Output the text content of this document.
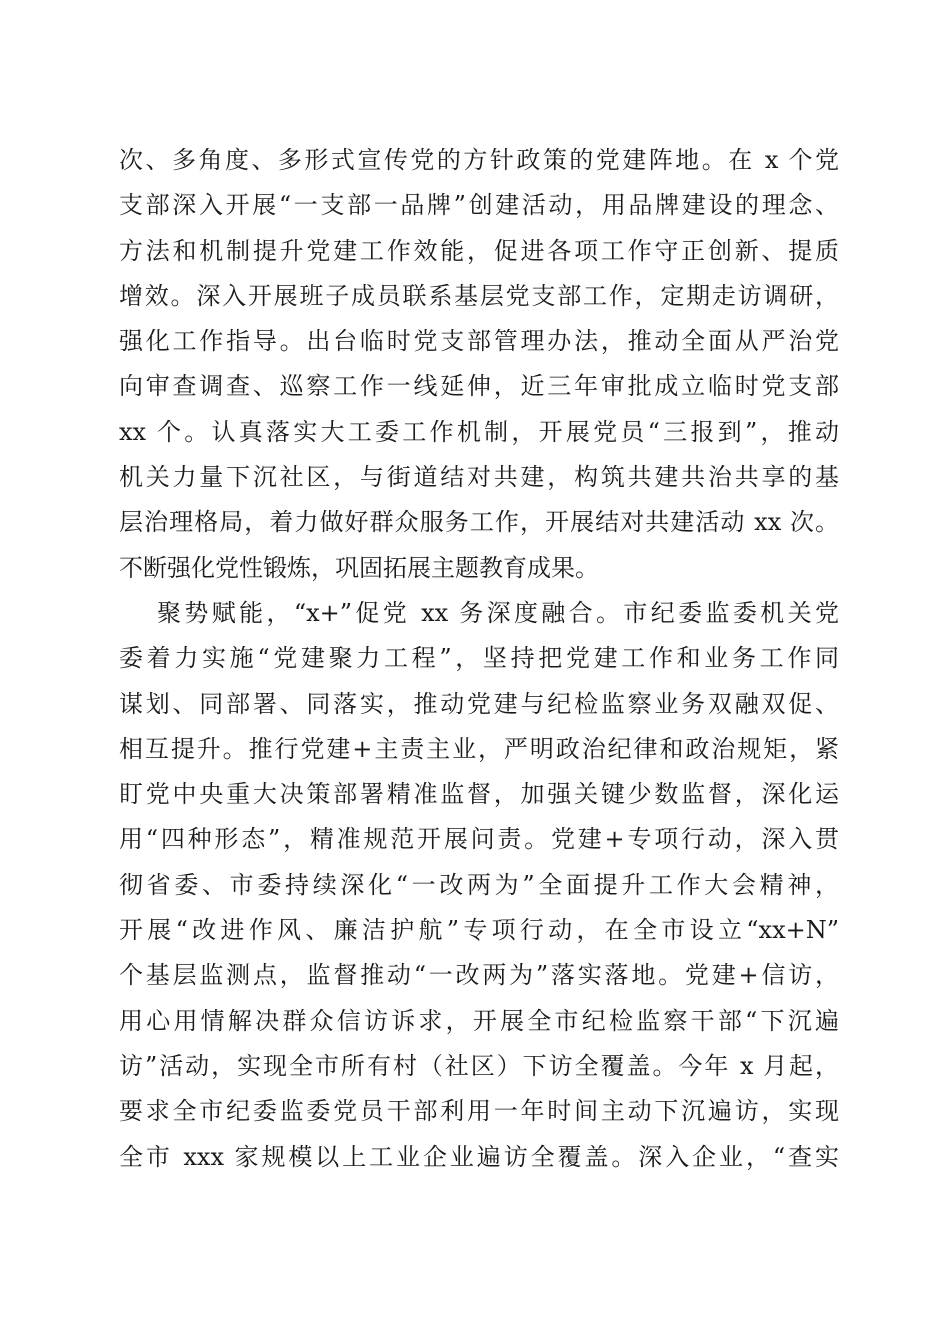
次、多角度、多形式宣传党的方针政策的党建阵地。在 x 个党
支部深入开展“一支部一品牌”创建活动，用品牌建设的理念、
方法和机制提升党建工作效能，促进各项工作守正创新、提质
增效。深入开展班子成员联系基层党支部工作，定期走访调研，
强化工作指导。出台临时党支部管理办法，推动全面从严治党
向审查调查、巡察工作一线延伸，近三年审批成立临时党支部
xx 个。认真落实大工委工作机制，开展党员“三报到”，推动
机关力量下沉社区，与街道结对共建，构筑共建共治共享的基
层治理格局，着力做好群众服务工作，开展结对共建活动 xx 次。
不断强化党性锻炼，巩固拓展主题教育成果。
聚势赋能，“x+”促党 xx 务深度融合。市纪委监委机关党
委着力实施“党建聚力工程”，坚持把党建工作和业务工作同
谋划、同部署、同落实，推动党建与纪检监察业务双融双促、
相互提升。推行党建+主责主业，严明政治纪律和政治规矩，紧
盯党中央重大决策部署精准监督，加强关键少数监督，深化运
用“四种形态”，精准规范开展问责。党建+专项行动，深入贯
彻省委、市委持续深化“一改两为”全面提升工作大会精神，
开展“改进作风、廉洁护航”专项行动，在全市设立“xx+N”
个基层监测点，监督推动“一改两为”落实落地。党建+信访，
用心用情解决群众信访诉求，开展全市纪检监察干部“下沉遍
访”活动，实现全市所有村（社区）下访全覆盖。今年 x 月起，
要求全市纪委监委党员干部利用一年时间主动下沉遍访，实现
全市 xxx 家规模以上工业企业遍访全覆盖。深入企业，“查实
